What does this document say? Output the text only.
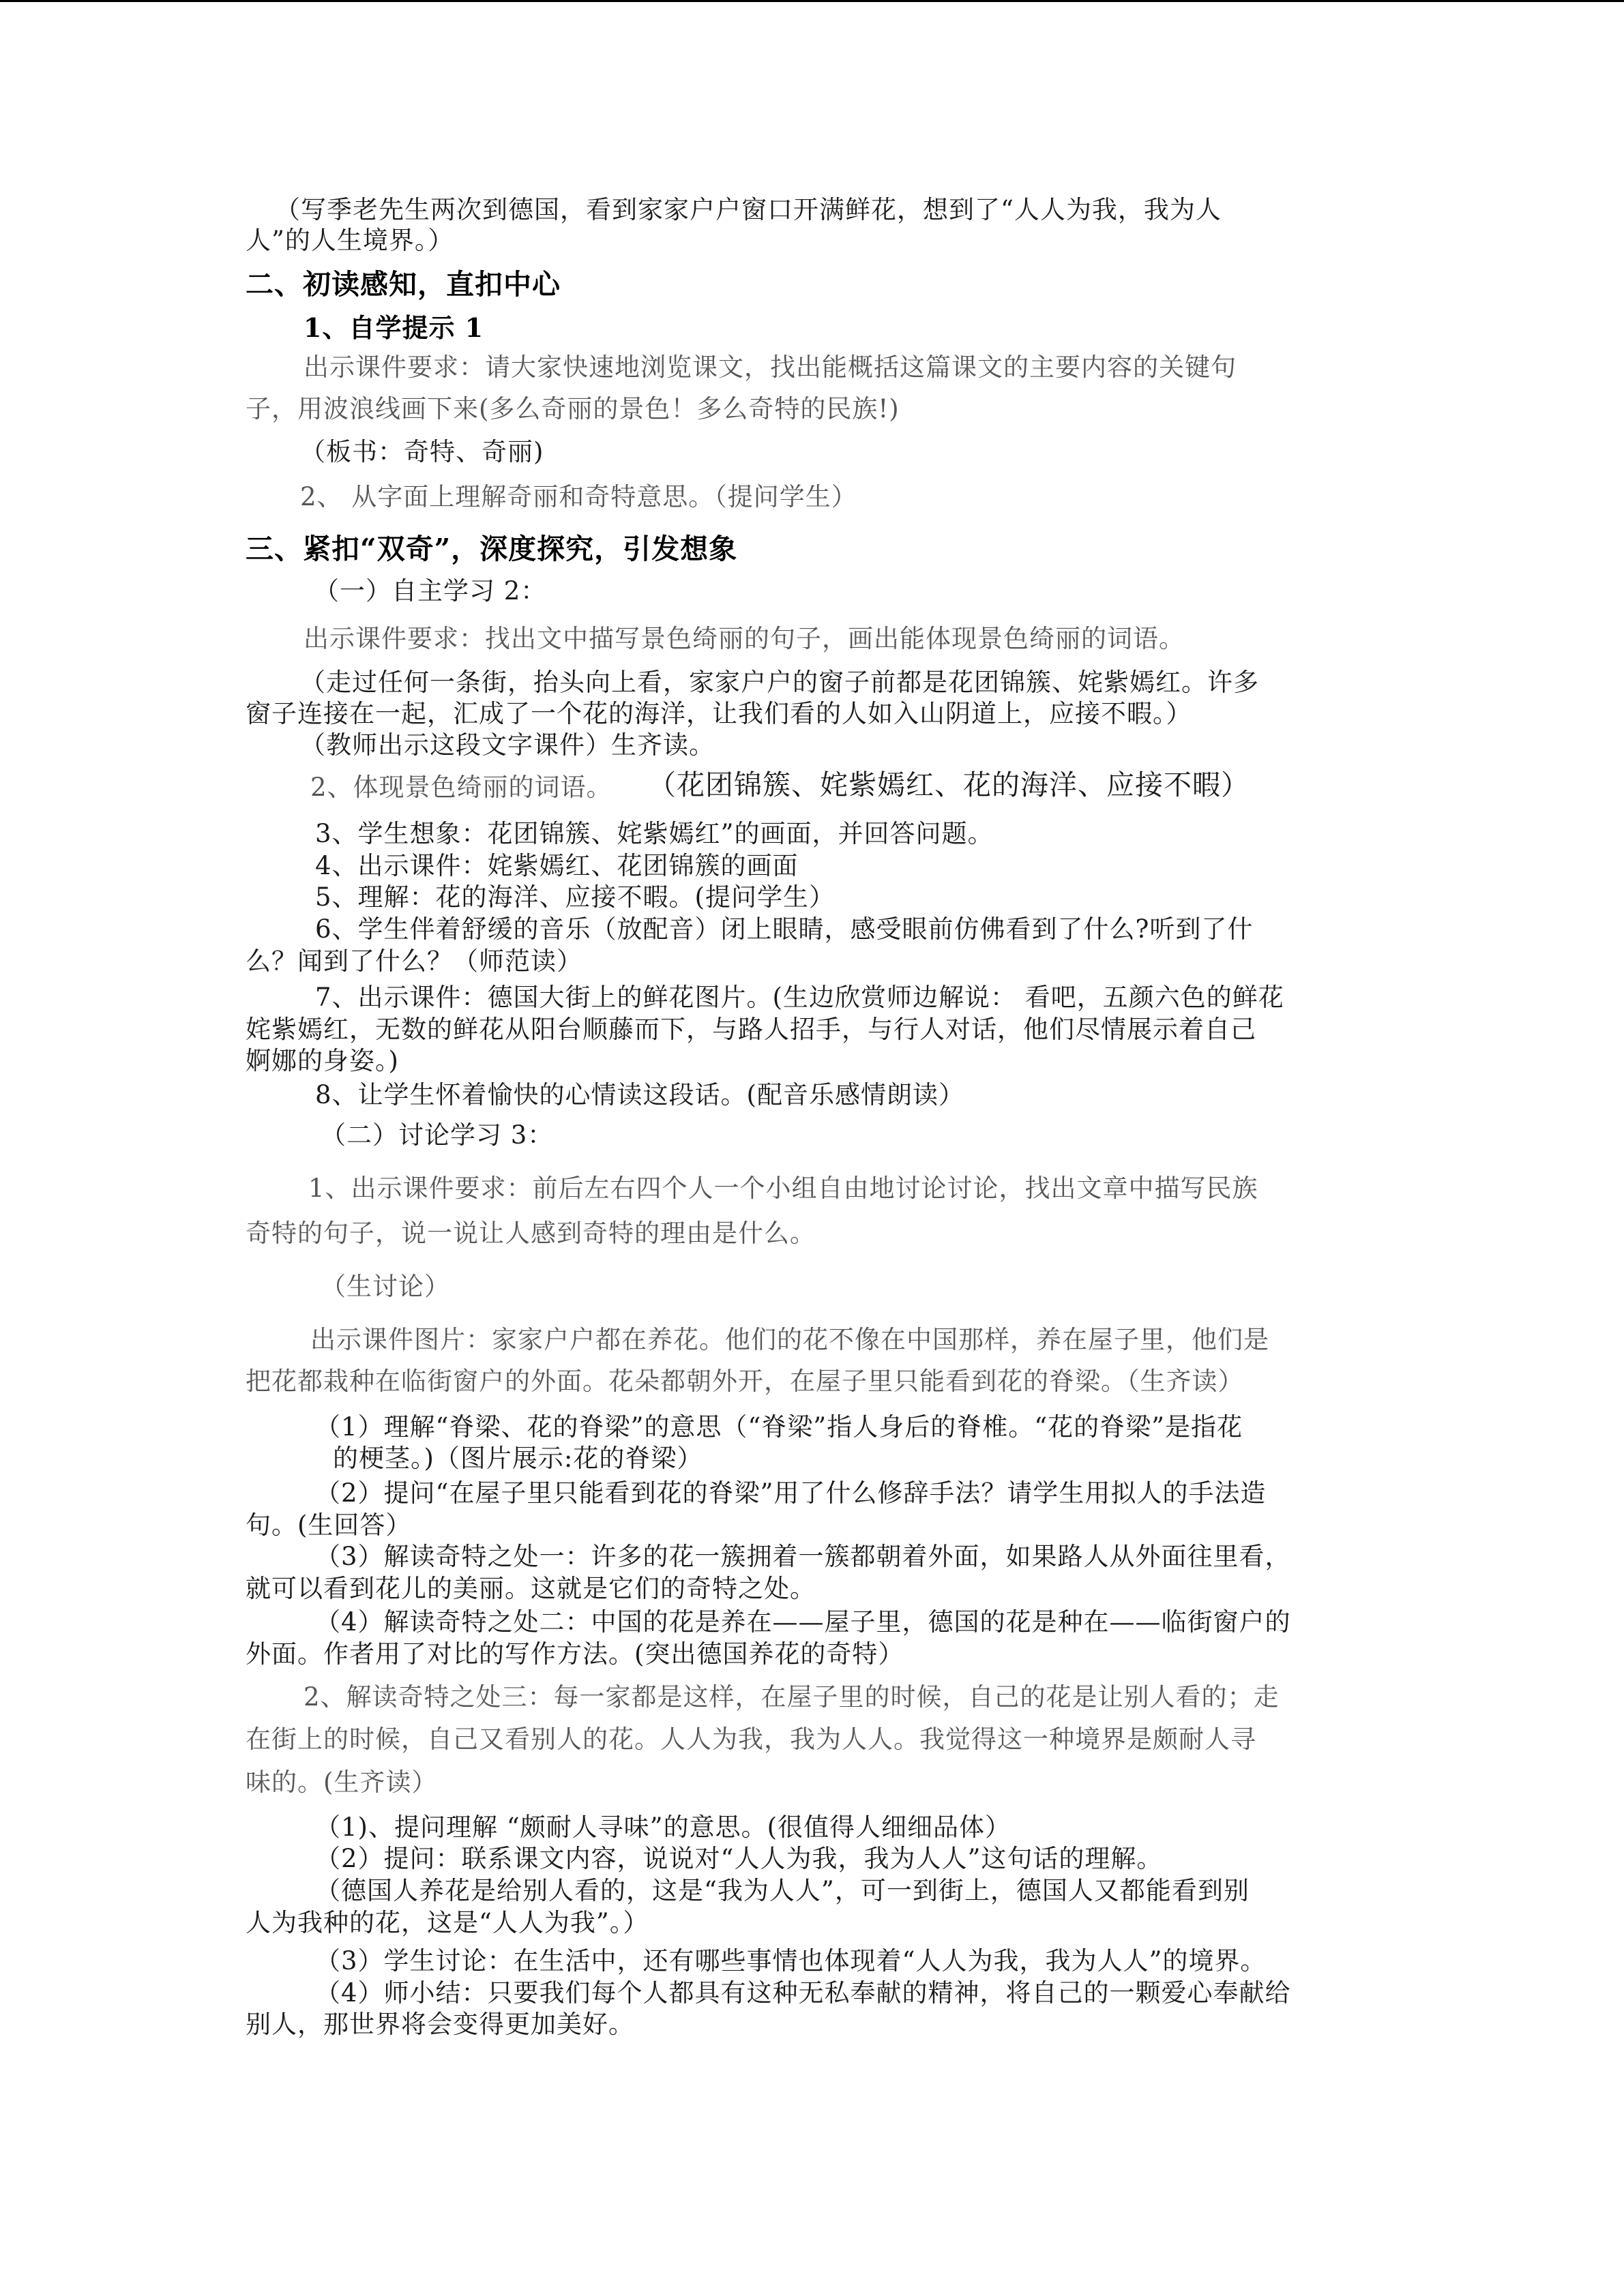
（写季老先生两次到德国，看到家家户户窗口开满鲜花，想到了“人人为我，我为人
人”的人生境界。）
二、初读感知，直扣中心
1、自学提示 1
出示课件要求：请大家快速地浏览课文，找出能概括这篇课文的主要内容的关键句
子，用波浪线画下来(多么奇丽的景色！多么奇特的民族!)
（板书：奇特、奇丽)
2、 从字面上理解奇丽和奇特意思。（提问学生）
三、紧扣“双奇”，深度探究，引发想象
（一）自主学习 2：
出示课件要求：找出文中描写景色绮丽的句子，画出能体现景色绮丽的词语。
（走过任何一条街，抬头向上看，家家户户的窗子前都是花团锦簇、姹紫嫣红。许多
窗子连接在一起，汇成了一个花的海洋，让我们看的人如入山阴道上，应接不暇。）
（教师出示这段文字课件）生齐读。
2、体现景色绮丽的词语。 （花团锦簇、姹紫嫣红、花的海洋、应接不暇）
3、学生想象：花团锦簇、姹紫嫣红”的画面，并回答问题。
4、出示课件：姹紫嫣红、花团锦簇的画面
5、理解：花的海洋、应接不暇。(提问学生）
6、学生伴着舒缓的音乐（放配音）闭上眼睛，感受眼前仿佛看到了什么?听到了什
么？闻到了什么？（师范读）
7、出示课件：德国大街上的鲜花图片。(生边欣赏师边解说： 看吧，五颜六色的鲜花
姹紫嫣红，无数的鲜花从阳台顺藤而下，与路人招手，与行人对话，他们尽情展示着自己
婀娜的身姿。)
8、让学生怀着愉快的心情读这段话。(配音乐感情朗读）
（二）讨论学习 3：
1、出示课件要求：前后左右四个人一个小组自由地讨论讨论，找出文章中描写民族
奇特的句子，说一说让人感到奇特的理由是什么。
（生讨论）
出示课件图片：家家户户都在养花。他们的花不像在中国那样，养在屋子里，他们是
把花都栽种在临街窗户的外面。花朵都朝外开，在屋子里只能看到花的脊梁。（生齐读）
（1）理解“脊梁、花的脊梁”的意思（“脊梁”指人身后的脊椎。“花的脊梁”是指花
的梗茎。)（图片展示:花的脊梁）
（2）提问“在屋子里只能看到花的脊梁”用了什么修辞手法？请学生用拟人的手法造
句。(生回答）
（3）解读奇特之处一：许多的花一簇拥着一簇都朝着外面，如果路人从外面往里看，
就可以看到花儿的美丽。这就是它们的奇特之处。
（4）解读奇特之处二：中国的花是养在——屋子里，德国的花是种在——临街窗户的
外面。作者用了对比的写作方法。(突出德国养花的奇特）
2、解读奇特之处三：每一家都是这样，在屋子里的时候，自己的花是让别人看的；走
在街上的时候，自己又看别人的花。人人为我，我为人人。我觉得这一种境界是颇耐人寻
味的。(生齐读）
（1)、提问理解 “颇耐人寻味”的意思。(很值得人细细品体）
（2）提问：联系课文内容，说说对“人人为我，我为人人”这句话的理解。
（德国人养花是给别人看的，这是“我为人人”，可一到街上，德国人又都能看到别
人为我种的花，这是“人人为我”。）
（3）学生讨论：在生活中，还有哪些事情也体现着“人人为我，我为人人”的境界。
（4）师小结：只要我们每个人都具有这种无私奉献的精神，将自己的一颗爱心奉献给
别人，那世界将会变得更加美好。
